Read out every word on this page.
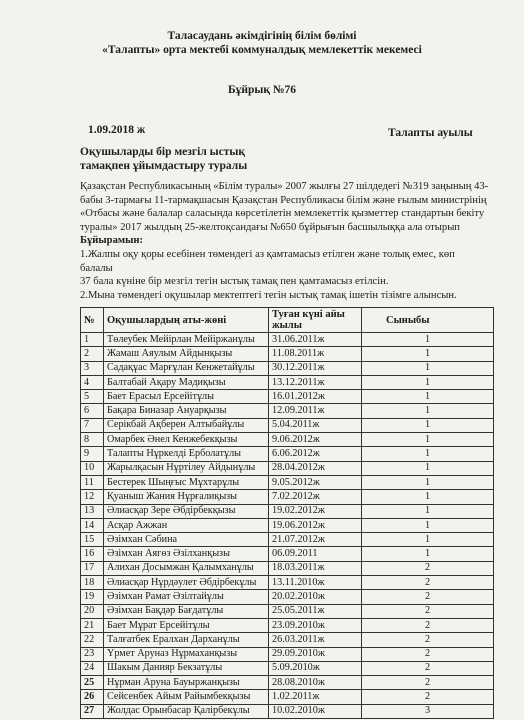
Таласаудань әкімдігінің білім бөлімі
«Талапты» орта мектебі коммуналдық мемлекеттік мекемесі
Бұйрық №76
1.09.2018 ж	Талапты ауылы
Оқушыларды бір мезгіл ыстық
тамақпен ұйымдастыру туралы
Қазақстан Республикасының «Білім туралы» 2007 жылғы 27 шілдедегі №319 заңының 43-
бабы 3-тармағы 11-тармақшасын Қазақстан Республикасы білім және ғылым министрінің
«Отбасы және балалар саласында көрсетілетін мемлекеттік қызметтер стандартын бекіту
туралы» 2017 жылдың 25-желтоқсандағы №650 бұйрығын басшылыққа ала отырып
Бұйырамын:
1.Жалпы оқу қоры есебінен төмендегі аз қамтамасыз етілген және толық емес, көп балалы
37 бала күніне бір мезгіл тегін ыстық тамақ пен қамтамасыз етілсін.
2.Мына төмендегі оқушылар мектептегі тегін ыстық тамақ ішетін тізімге алынсын.
№	Оқушылардың аты-жөні	Туған күні айы жылы	Сыныбы
1	Төлеубек Мейірлан Мейіржанұлы	31.06.2011ж	1
2	Жамаш Аяулым Айдынқызы	11.08.2011ж	1
3	Садақұас Марғұлан Кенжетайұлы	30.12.2011ж	1
4	Балтабай Ақару Мәдиқызы	13.12.2011ж	1
5	Бает Ерасыл Ерсейітұлы	16.01.2012ж	1
6	Бақара Биназар Ануарқызы	12.09.2011ж	1
7	Серікбай Ақберен Алтыбайұлы	5.04.2011ж	1
8	Омарбек Әнел Кенжебекқызы	9.06.2012ж	1
9	Талапты Нұркелді Ерболатұлы	6.06.2012ж	1
10	Жарылқасын Нұртілеу Айдынұлы	28.04.2012ж	1
11	Бестерек Шыңғыс Мұхтарұлы	9.05.2012ж	1
12	Қуаныш Жания Нұрғалиқызы	7.02.2012ж	1
13	Әлиасқар Зере Әбдірбекқызы	19.02.2012ж	1
14	Асқар Ажжан	19.06.2012ж	1
15	Әзімхан Сәбина	21.07.2012ж	1
16	Әзімхан Аягөз Әзілханқызы	06.09.2011	1
17	Алихан Досымжан Қалымханұлы	18.03.2011ж	2
18	Әлиасқар Нұрдәулет Әбдірбекұлы	13.11.2010ж	2
19	Әзімхан Рамат Әзілтайұлы	20.02.2010ж	2
20	Әзімхан Бақдәр Бағдатұлы	25.05.2011ж	2
21	Бает Мұрат Ерсейітұлы	23.09.2010ж	2
22	Талғатбек Ералхан Дарханұлы	26.03.2011ж	2
23	Үрмет Аруназ Нұрмаханқызы	29.09.2010ж	2
24	Шакым Данияр Бекзатұлы	5.09.2010ж	2
25	Нұрман Аруна Бауыржанқызы	28.08.2010ж	2
26	Сейсенбек Айым Райымбекқызы	1.02.2011ж	2
27	Жолдас Орынбасар Қалірбекұлы	10.02.2010ж	3
